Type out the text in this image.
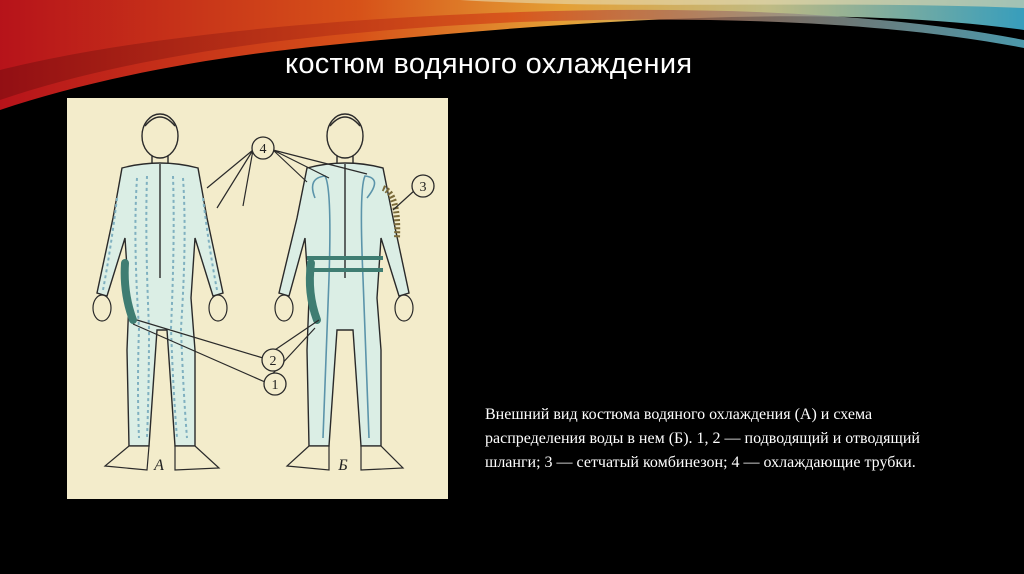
костюм водяного охлаждения
4
3
2
1
А	Б
Внешний вид костюма водяного охлаждения (А) и схема распределения воды в нем (Б). 1, 2 — подводящий и отводящий шланги; 3 — сетчатый комбинезон; 4 — охлаждающие трубки.
